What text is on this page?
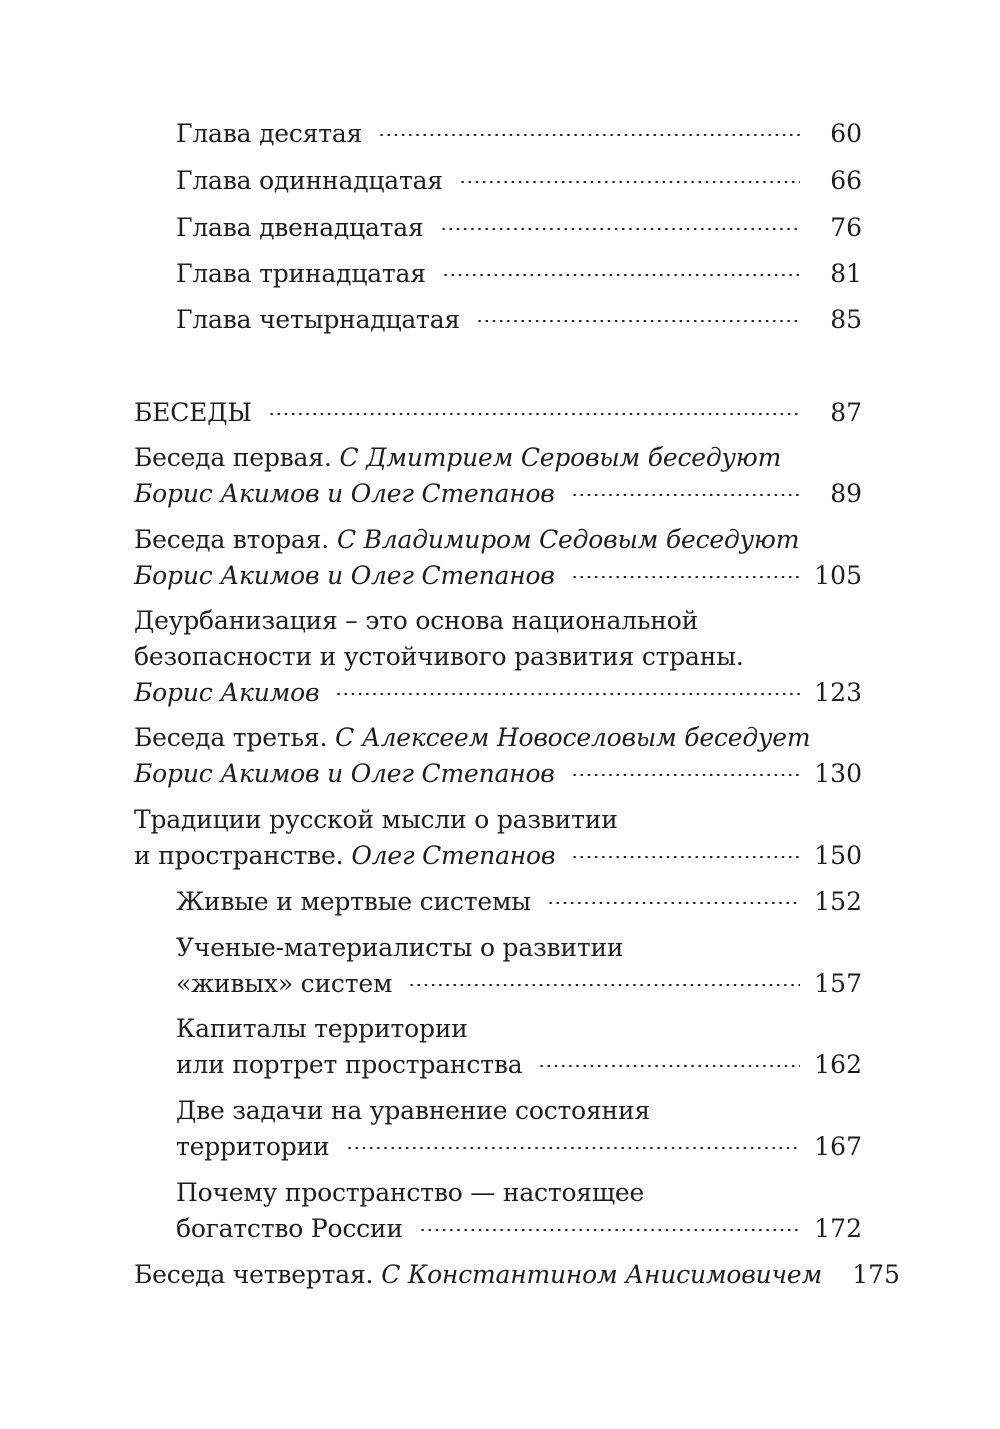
Глава десятая	60
Глава одиннадцатая	66
Глава двенадцатая	76
Глава тринадцатая	81
Глава четырнадцатая	85
БЕСЕДЫ	87
Беседа первая.
С Дмитрием Серовым беседуют
Борис Акимов и Олег Степанов	89
Беседа вторая.
С Владимиром Седовым беседуют
Борис Акимов и Олег Степанов	105
Деурбанизация – это основа национальной
безопасности и устойчивого развития страны.
Борис Акимов	123
Беседа третья.
С Алексеем Новоселовым беседует
Борис Акимов и Олег Степанов	130
Традиции русской мысли о развитии
и пространстве.
Олег Степанов	150
Живые и мертвые системы	152
Ученые-материалисты о развитии
«живых» систем	157
Капиталы территории
или портрет пространства	162
Две задачи на уравнение состояния
территории	167
Почему пространство — настоящее
богатство России	172
Беседа четвертая.
С Константином Анисимовичем 175
